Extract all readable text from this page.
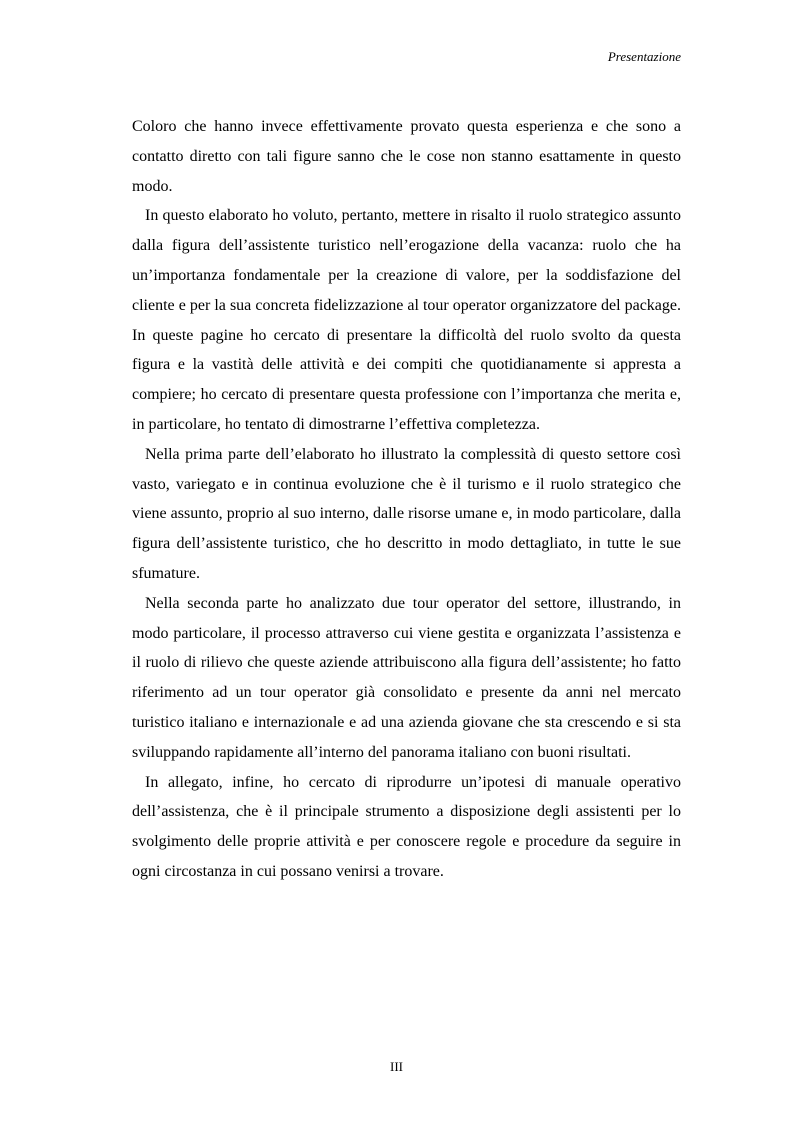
Presentazione

Coloro che hanno invece effettivamente provato questa esperienza e che sono a contatto diretto con tali figure sanno che le cose non stanno esattamente in questo modo.

In questo elaborato ho voluto, pertanto, mettere in risalto il ruolo strategico assunto dalla figura dell’assistente turistico nell’erogazione della vacanza: ruolo che ha un’importanza fondamentale per la creazione di valore, per la soddisfazione del cliente e per la sua concreta fidelizzazione al tour operator organizzatore del package. In queste pagine ho cercato di presentare la difficoltà del ruolo svolto da questa figura e la vastità delle attività e dei compiti che quotidianamente si appresta a compiere; ho cercato di presentare questa professione con l’importanza che merita e, in particolare, ho tentato di dimostrarne l’effettiva completezza.

Nella prima parte dell’elaborato ho illustrato la complessità di questo settore così vasto, variegato e in continua evoluzione che è il turismo e il ruolo strategico che viene assunto, proprio al suo interno, dalle risorse umane e, in modo particolare, dalla figura dell’assistente turistico, che ho descritto in modo dettagliato, in tutte le sue sfumature.

Nella seconda parte ho analizzato due tour operator del settore, illustrando, in modo particolare, il processo attraverso cui viene gestita e organizzata l’assistenza e il ruolo di rilievo che queste aziende attribuiscono alla figura dell’assistente; ho fatto riferimento ad un tour operator già consolidato e presente da anni nel mercato turistico italiano e internazionale e ad una azienda giovane che sta crescendo e si sta sviluppando rapidamente all’interno del panorama italiano con buoni risultati.

In allegato, infine, ho cercato di riprodurre un’ipotesi di manuale operativo dell’assistenza, che è il principale strumento a disposizione degli assistenti per lo svolgimento delle proprie attività e per conoscere regole e procedure da seguire in ogni circostanza in cui possano venirsi a trovare.

III
